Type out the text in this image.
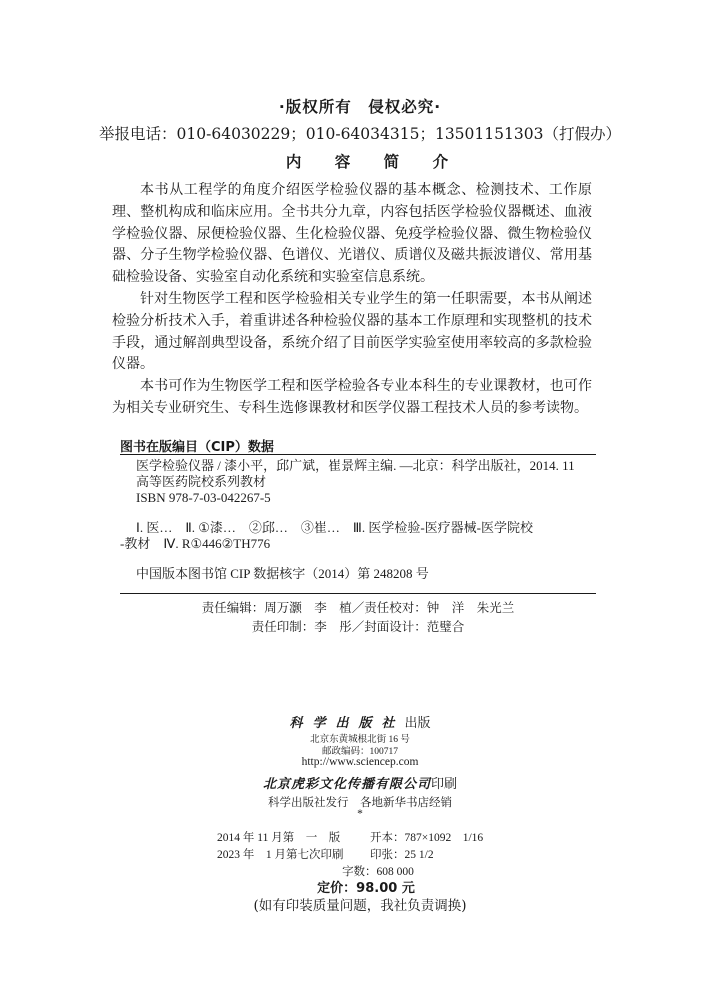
·版权所有　侵权必究·
举报电话：010-64030229；010-64034315；13501151303（打假办）
内 容 简 介

本书从工程学的角度介绍医学检验仪器的基本概念、检测技术、工作原理、整机构成和临床应用。全书共分九章，内容包括医学检验仪器概述、血液学检验仪器、尿便检验仪器、生化检验仪器、免疫学检验仪器、微生物检验仪器、分子生物学检验仪器、色谱仪、光谱仪、质谱仪及磁共振波谱仪、常用基础检验设备、实验室自动化系统和实验室信息系统。

针对生物医学工程和医学检验相关专业学生的第一任职需要，本书从阐述检验分析技术入手，着重讲述各种检验仪器的基本工作原理和实现整机的技术手段，通过解剖典型设备，系统介绍了目前医学实验室使用率较高的多款检验仪器。

本书可作为生物医学工程和医学检验各专业本科生的专业课教材，也可作为相关专业研究生、专科生选修课教材和医学仪器工程技术人员的参考读物。

图书在版编目（CIP）数据
医学检验仪器 / 漆小平，邱广斌，崔景辉主编. —北京：科学出版社，2014. 11
高等医药院校系列教材
ISBN 978-7-03-042267-5
Ⅰ. 医…　Ⅱ. ①漆…　②邱…　③崔…　Ⅲ. 医学检验-医疗器械-医学院校
-教材　Ⅳ. R①446②TH776
中国版本图书馆 CIP 数据核字（2014）第 248208 号
责任编辑：周万灏　李　植／责任校对：钟　洋　朱光兰
责任印制：李　彤／封面设计：范璧合
科学出版社出版
北京东黄城根北街 16 号
邮政编码：100717
http://www.sciencep.com
北京虎彩文化传播有限公司印刷
科学出版社发行　各地新华书店经销
*
2014 年 11 月第　一　版	开本：787×1092　1/16
2023 年　1 月第七次印刷 印张：25 1/2
字数：608 000
定价：98.00 元
(如有印装质量问题，我社负责调换)
